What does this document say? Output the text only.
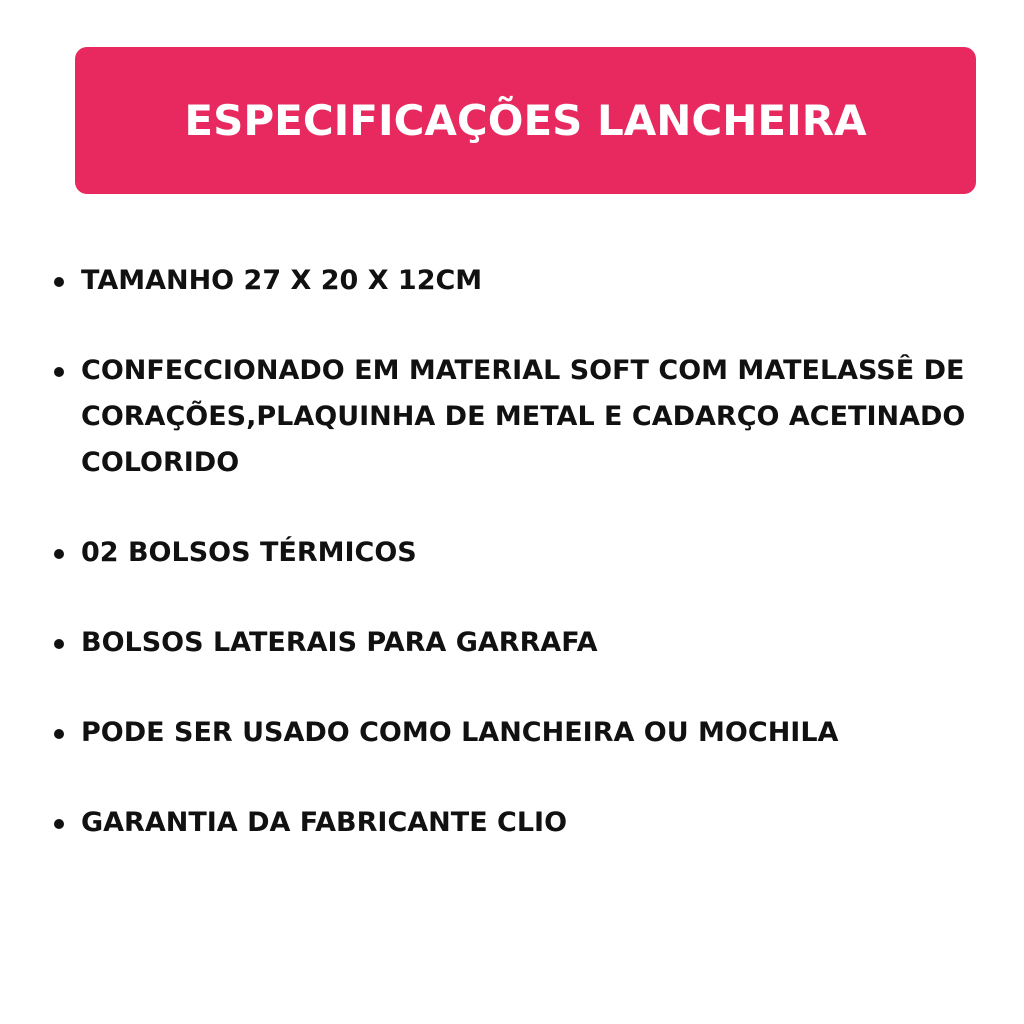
ESPECIFICAÇÕES LANCHEIRA
TAMANHO 27 X 20 X 12CM
CONFECCIONADO EM MATERIAL SOFT COM MATELASSÊ DE CORAÇÕES,PLAQUINHA DE METAL E CADARÇO ACETINADO COLORIDO
02 BOLSOS TÉRMICOS
BOLSOS LATERAIS PARA GARRAFA
PODE SER USADO COMO LANCHEIRA OU MOCHILA
GARANTIA DA FABRICANTE CLIO
